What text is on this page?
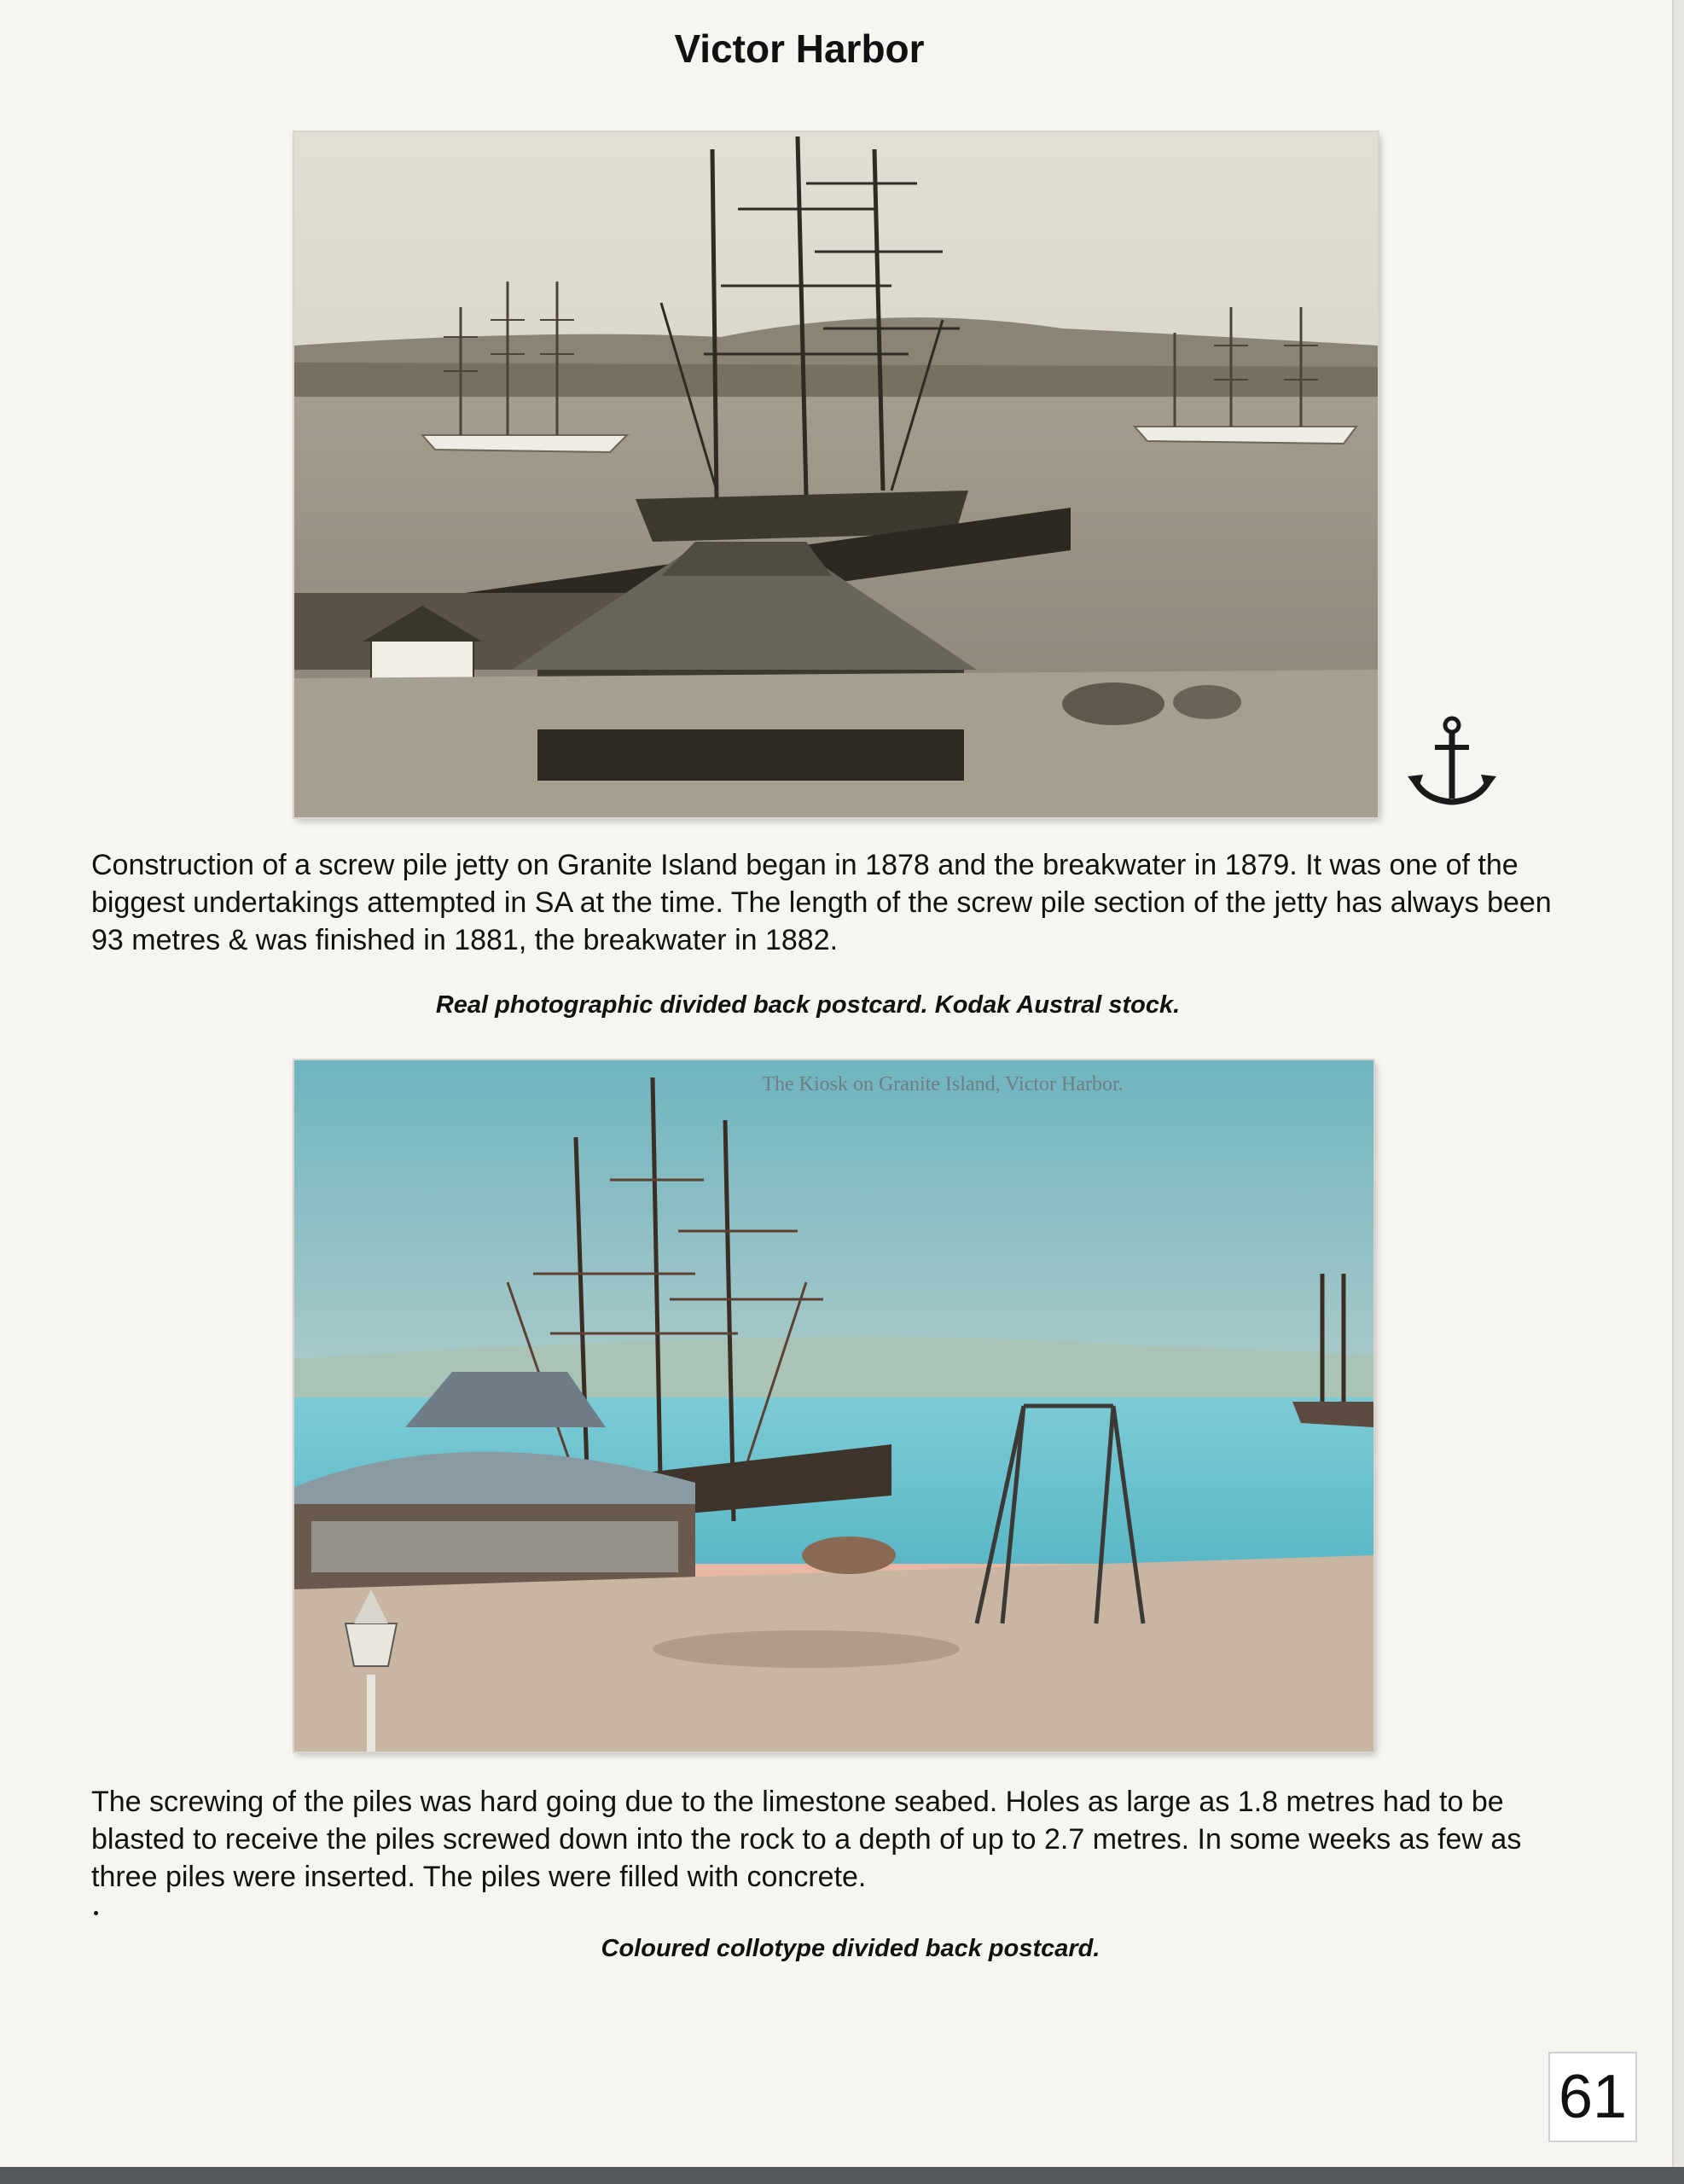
Victor Harbor
Construction of a screw pile jetty on Granite Island began in 1878 and the breakwater in 1879. It was one of the biggest undertakings attempted in SA at the time. The length of the screw pile section of the jetty has always been 93 metres & was finished in 1881, the breakwater in 1882.
Real photographic divided back postcard. Kodak Austral stock.
The Kiosk on Granite Island, Victor Harbor.
The screwing of the piles was hard going due to the limestone seabed. Holes as large as 1.8 metres had to be blasted to receive the piles screwed down into the rock to a depth of up to 2.7 metres. In some weeks as few as three piles were inserted. The piles were filled with concrete.
Coloured collotype divided back postcard.
61
